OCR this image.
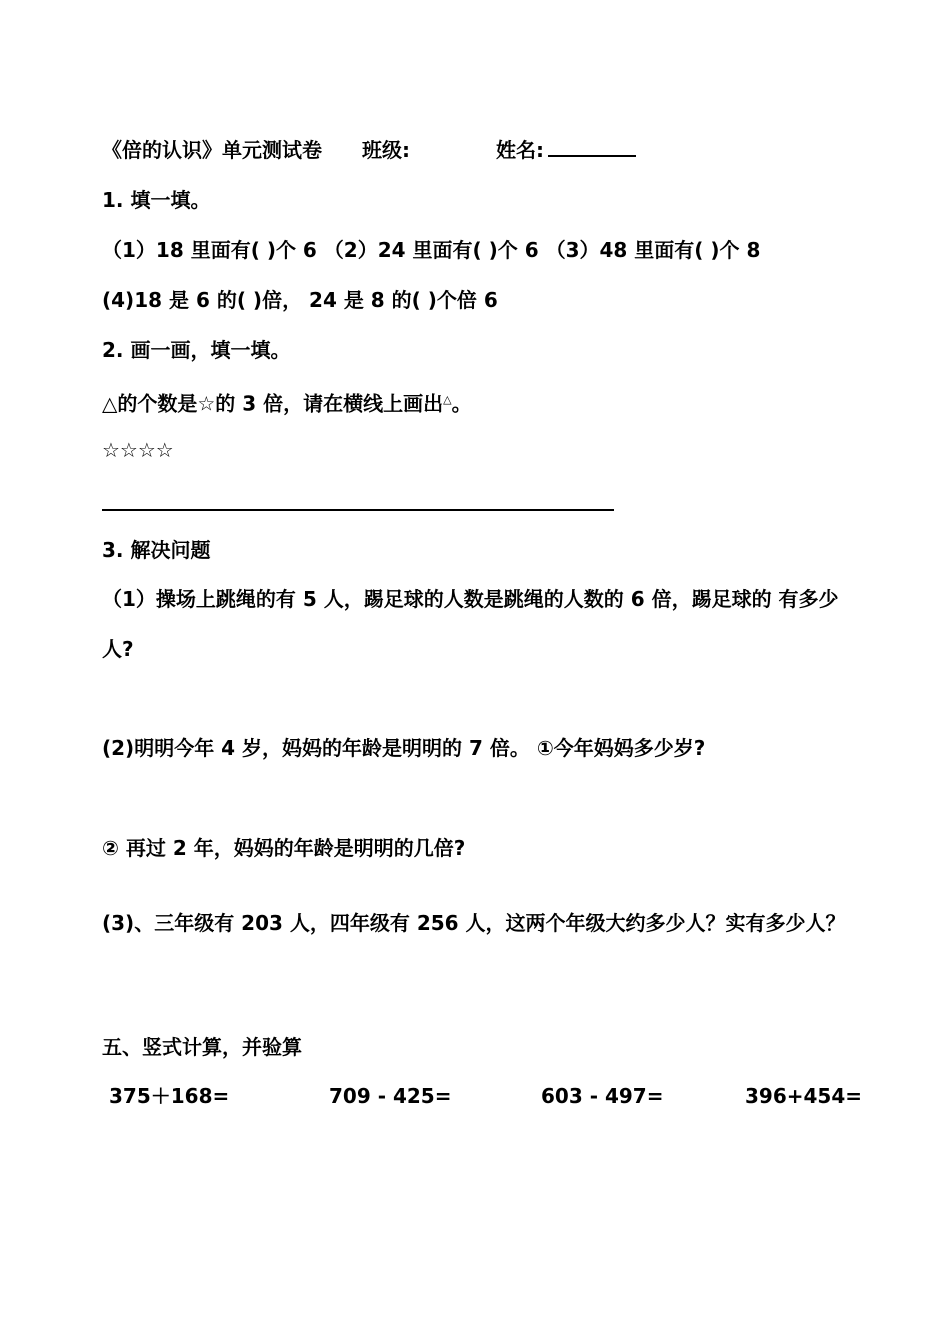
《倍的认识》单元测试卷 班级:	姓名:
1. 填一填。
（1）18 里面有( )个 6 （2）24 里面有( )个 6 （3）48 里面有( )个 8
(4)18 是 6 的( )倍， 24 是 8 的( )个倍 6
2. 画一画，填一填。
△的个数是☆的 3 倍，请在横线上画出△。
☆☆☆☆
3. 解决问题
（1）操场上跳绳的有 5 人，踢足球的人数是跳绳的人数的 6 倍，踢足球的 有多少
人?
(2)明明今年 4 岁，妈妈的年龄是明明的 7 倍。 ①今年妈妈多少岁?
② 再过 2 年，妈妈的年龄是明明的几倍?
(3)、三年级有 203 人，四年级有 256 人，这两个年级大约多少人？实有多少人？
五、竖式计算，并验算
375＋168=	709 - 425=	603 - 497=	396+454=
